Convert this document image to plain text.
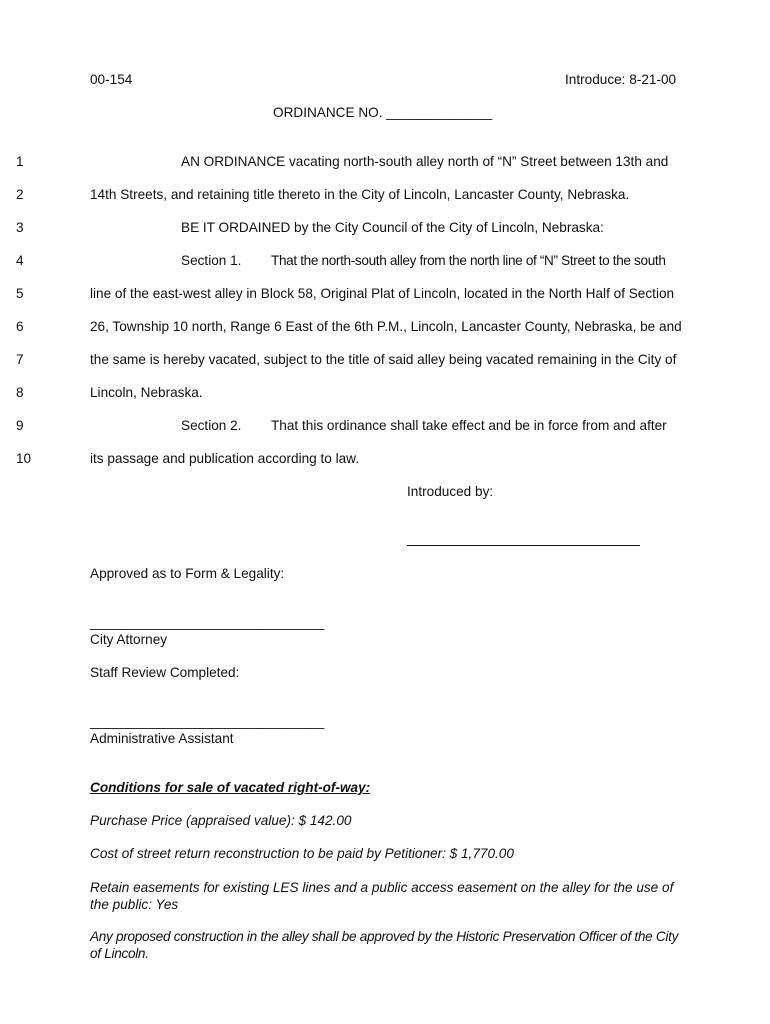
00-154	Introduce: 8-21-00
ORDINANCE NO. ______________
1
2
3
4
5
6
7
8
9
10
AN ORDINANCE vacating north-south alley north of “N” Street between 13th and
14th Streets, and retaining title thereto in the City of Lincoln, Lancaster County, Nebraska.
BE IT ORDAINED by the City Council of the City of Lincoln, Nebraska:
Section 1. That the north-south alley from the north line of “N” Street to the south
line of the east-west alley in Block 58, Original Plat of Lincoln, located in the North Half of Section
26, Township 10 north, Range 6 East of the 6th P.M., Lincoln, Lancaster County, Nebraska, be and
the same is hereby vacated, subject to the title of said alley being vacated remaining in the City of
Lincoln, Nebraska.
Section 2. That this ordinance shall take effect and be in force from and after
its passage and publication according to law.
Introduced by:
Approved as to Form & Legality:
_______________________________
City Attorney
Staff Review Completed:
_______________________________
Administrative Assistant
Conditions for sale of vacated right-of-way:
Purchase Price (appraised value): $ 142.00
Cost of street return reconstruction to be paid by Petitioner: $ 1,770.00
Retain easements for existing LES lines and a public access easement on the alley for the use of the public: Yes
Any proposed construction in the alley shall be approved by the Historic Preservation Officer of the City of Lincoln.
